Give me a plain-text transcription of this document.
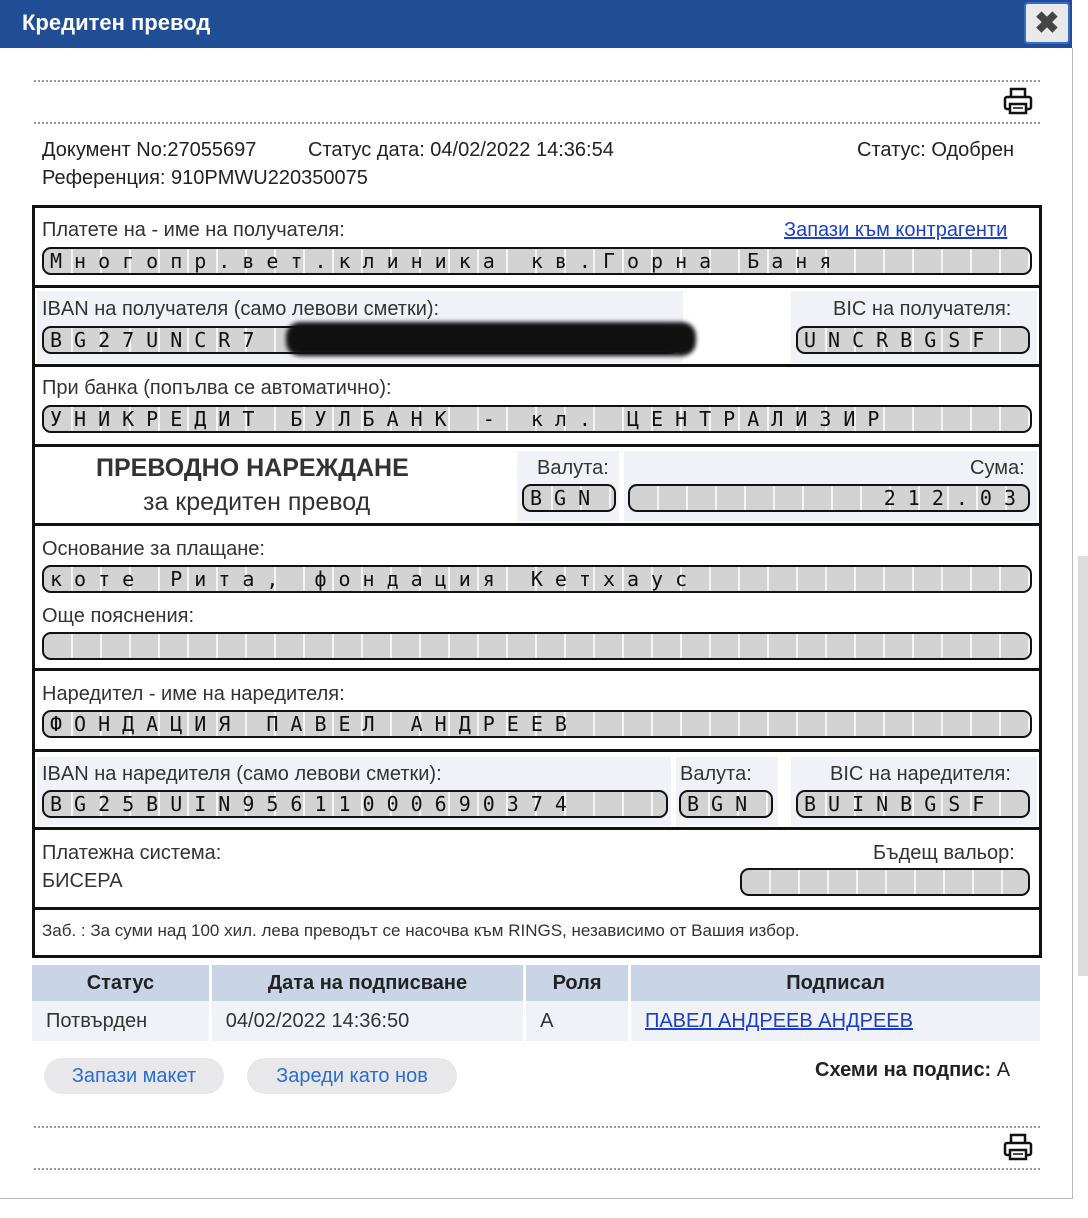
Кредитен превод	✖
Документ No:27055697	Статус дата: 04/02/2022 14:36:54	Статус: Одобрен
Референция: 910PMWU220350075
Платете на - име на получателя:	Запази към контрагенти
Многопр.вет.клиника кв.Горна Баня
IBAN на получателя (само левови сметки):	BIC на получателя:
BG27UNCR7	UNCRBGSF
При банка (попълва се автоматично):
УНИКРЕДИТ БУЛБАНК - кл. ЦЕНТРАЛИЗИР
ПРЕВОДНО НАРЕЖДАНЕ
за кредитен превод
Валута:	Сума:
BGN	212.03
Основание за плащане:
коте Рита, фондация Кетхаус
Още пояснения:
Наредител - име на наредителя:
ФОНДАЦИЯ ПАВЕЛ АНДРЕЕВ
IBAN на наредителя (само левови сметки):	Валута:	BIC на наредителя:
BG25BUIN95611000690374	BGN BUINBGSF
Платежна система:
БИСЕРА
Бъдещ вальор:
Заб. : За суми над 100 хил. лева преводът се насочва към RINGS, независимо от Вашия избор.
Статус	Дата на подписване	Роля	Подписал
Потвърден	04/02/2022 14:36:50	A	ПАВЕЛ АНДРЕЕВ АНДРЕЕВ
Запази макет	Зареди като нов	Схеми на подпис: A
